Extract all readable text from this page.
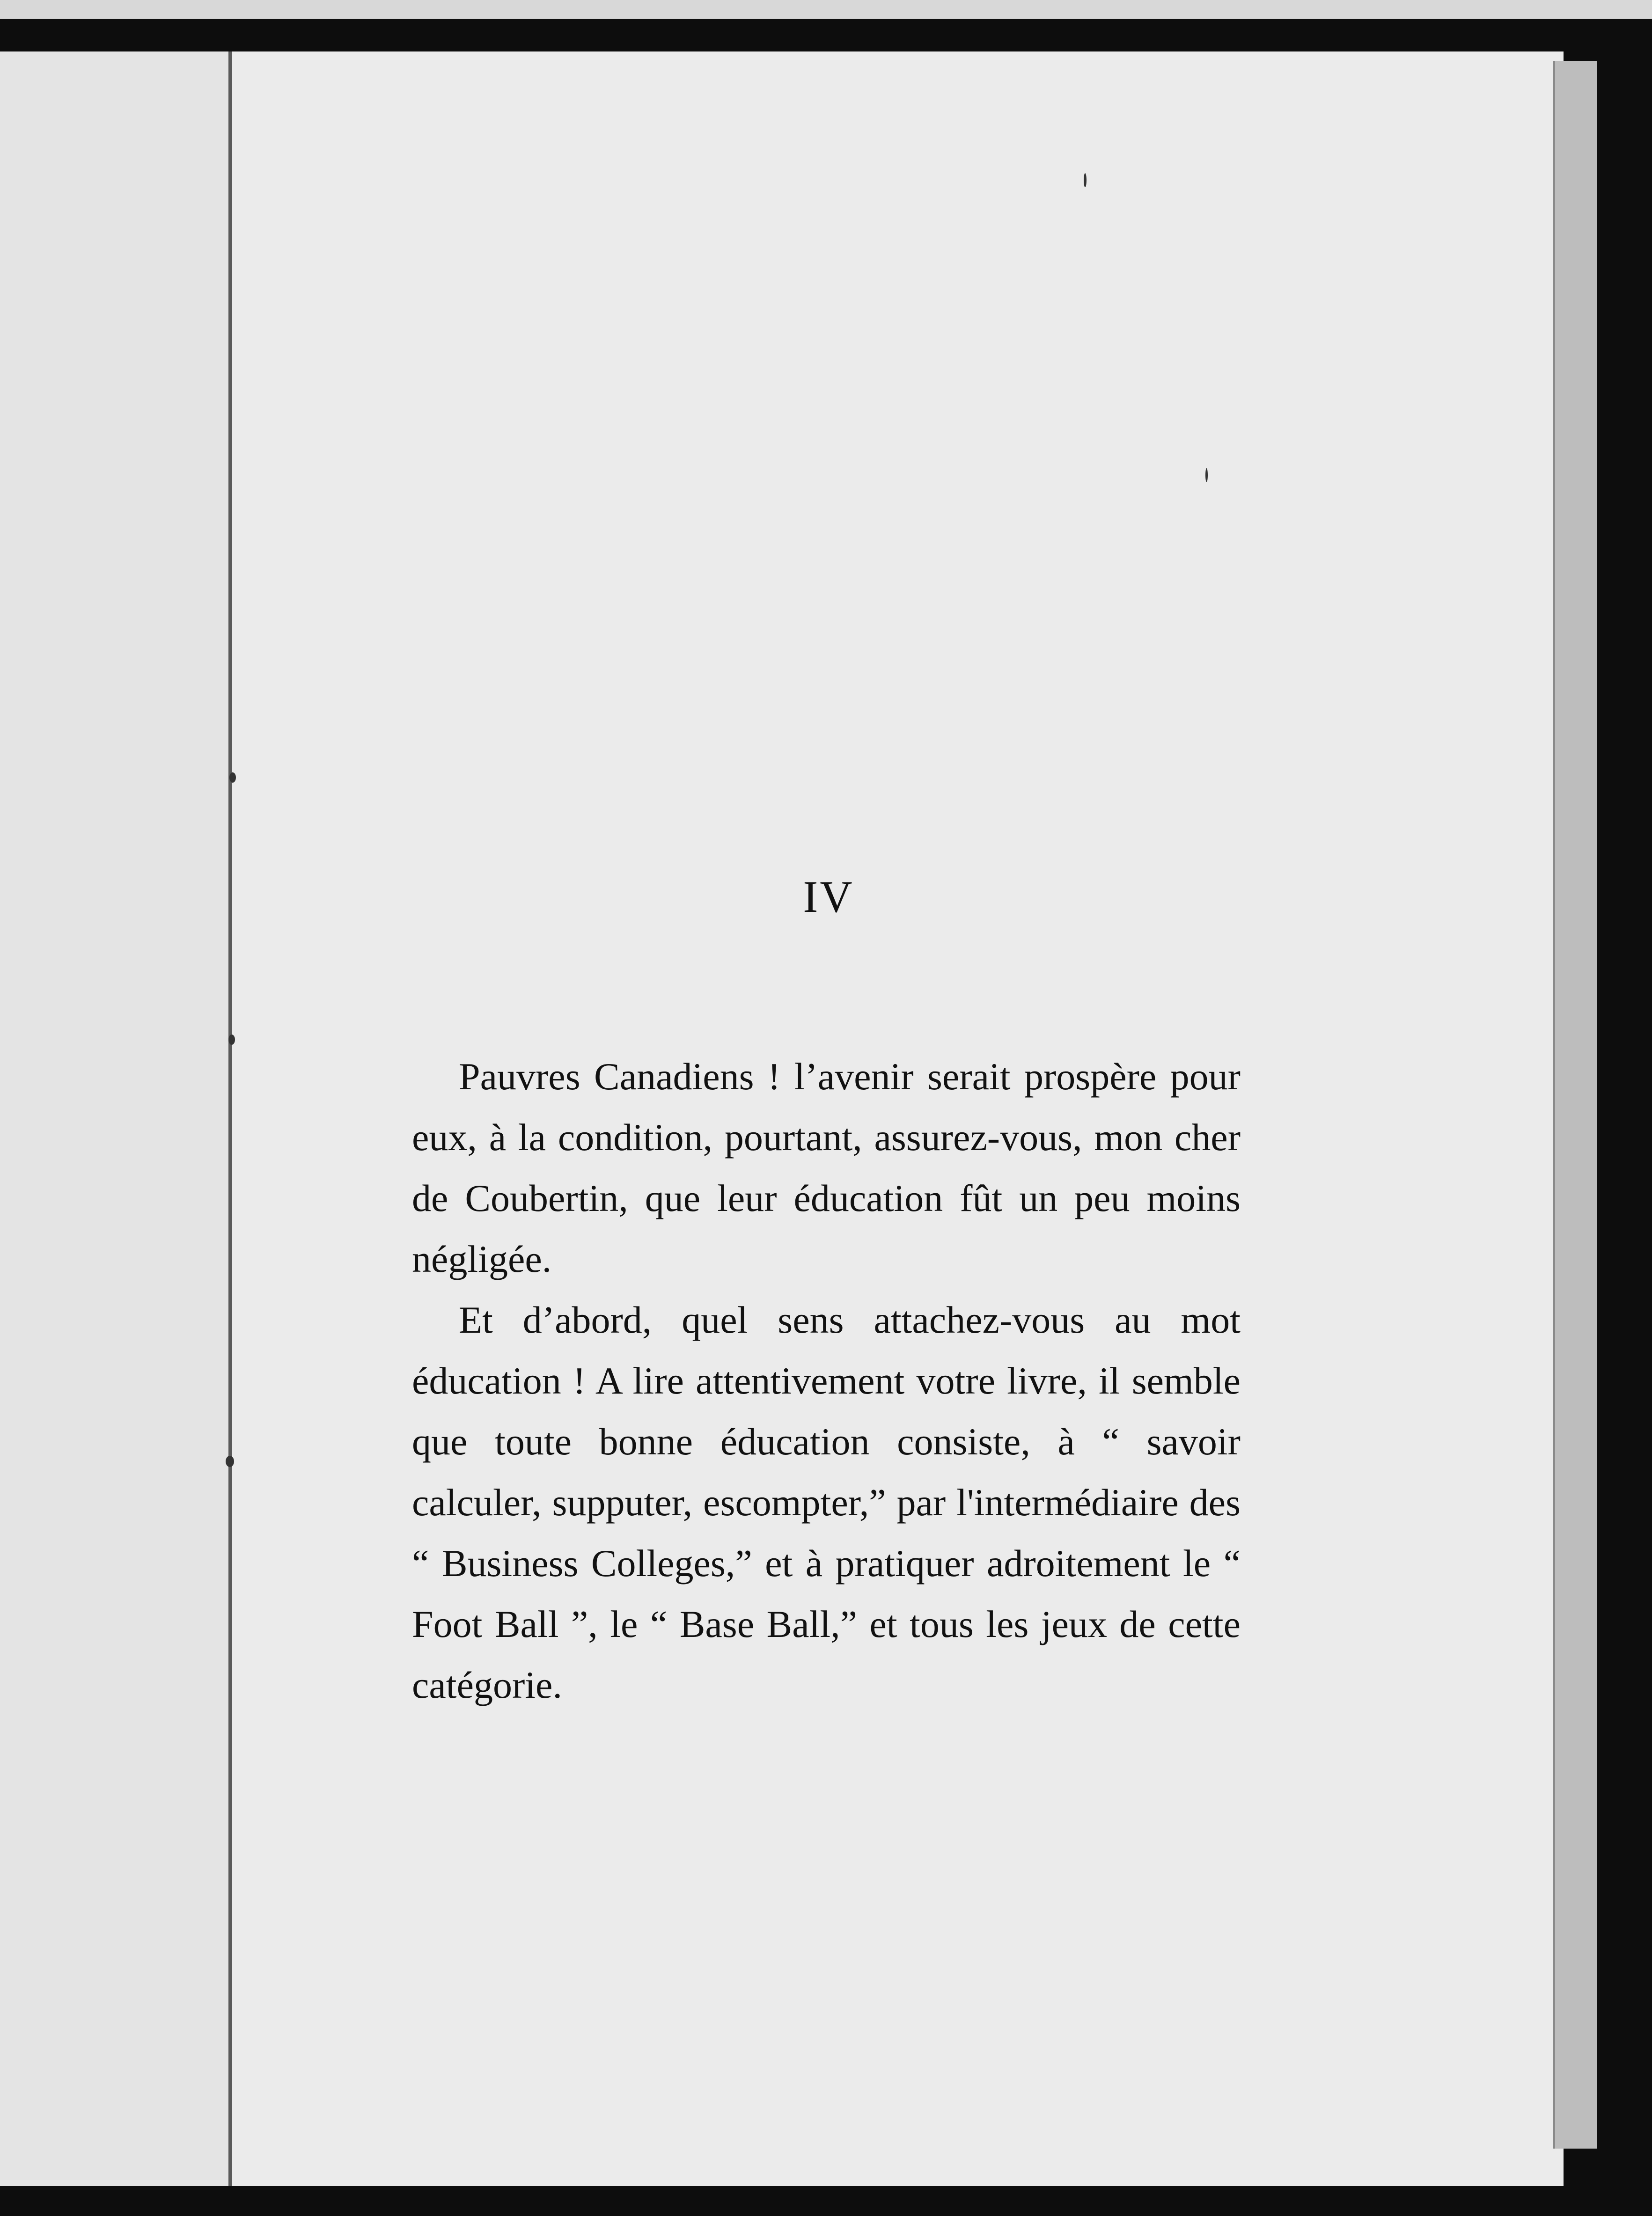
IV

Pauvres Canadiens ! l’avenir serait prospère pour eux, à la condition, pourtant, assurez-vous, mon cher de Coubertin, que leur éducation fût un peu moins négligée.

Et d’abord, quel sens attachez-vous au mot éducation ! A lire attentivement votre livre, il semble que toute bonne éducation consiste, à “ savoir calculer, supputer, escompter,” par l'intermédiaire des “ Business Colleges,” et à pratiquer adroitement le “ Foot Ball ”, le “ Base Ball,” et tous les jeux de cette catégorie.
